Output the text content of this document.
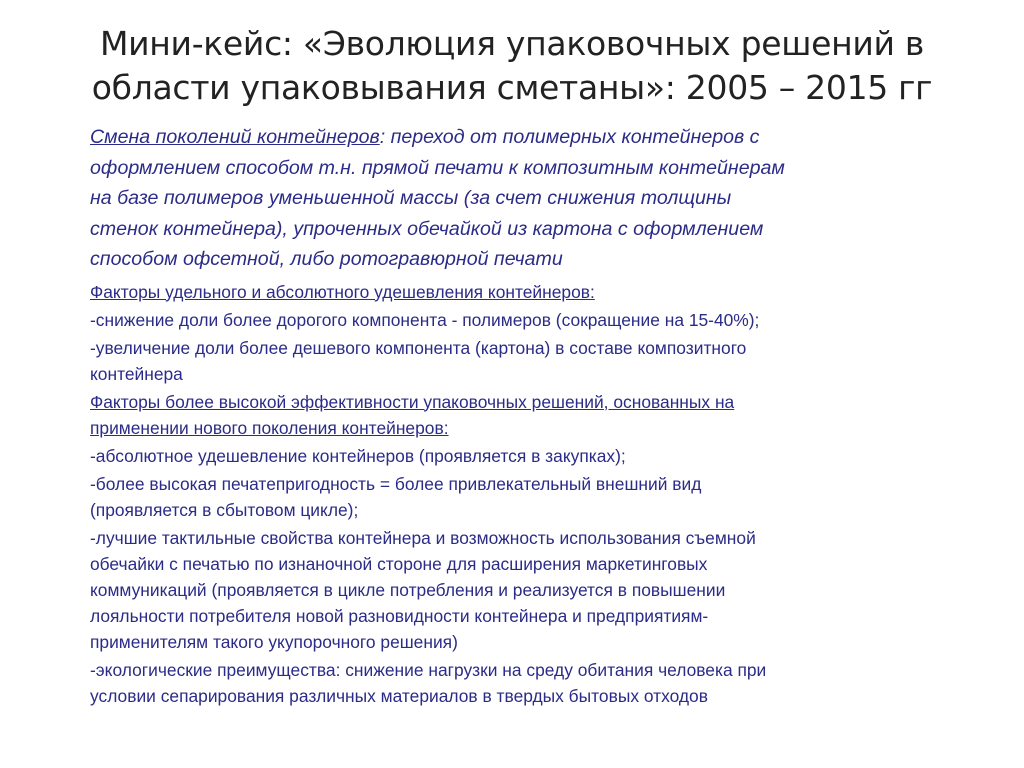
Мини-кейс: «Эволюция упаковочных решений в
области упаковывания сметаны»: 2005 – 2015 гг
Смена поколений контейнеров: переход от полимерных контейнеров с
оформлением способом т.н. прямой печати к композитным контейнерам
на базе полимеров уменьшенной массы (за счет снижения толщины
стенок контейнера), упроченных обечайкой из картона с оформлением
способом офсетной, либо ротогравюрной печати
Факторы удельного и абсолютного удешевления контейнеров:
-снижение доли более дорогого компонента - полимеров (сокращение на 15-40%);
-увеличение доли более дешевого компонента (картона) в составе композитного
контейнера
Факторы более высокой эффективности упаковочных решений, основанных на
применении нового поколения контейнеров:
-абсолютное удешевление контейнеров (проявляется в закупках);
-более высокая печатепригодность = более привлекательный внешний вид
(проявляется в сбытовом цикле);
-лучшие тактильные свойства контейнера и возможность использования съемной
обечайки с печатью по изнаночной стороне для расширения маркетинговых
коммуникаций (проявляется в цикле потребления и реализуется в повышении
лояльности потребителя новой разновидности контейнера и предприятиям-
применителям такого укупорочного решения)
-экологические преимущества: снижение нагрузки на среду обитания человека при
условии сепарирования различных материалов в твердых бытовых отходов
